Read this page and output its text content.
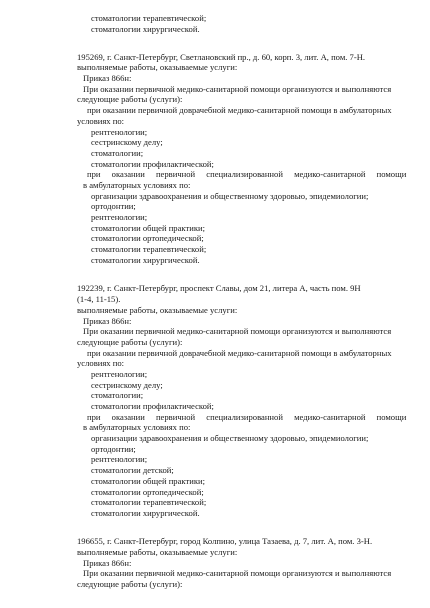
стоматологии терапевтической;
стоматологии хирургической.
195269, г. Санкт-Петербург, Светлановский пр., д. 60, корп. 3, лит. А, пом. 7-Н.
выполняемые работы, оказываемые услуги:
Приказ 866н:
При оказании первичной медико-санитарной помощи организуются и выполняются
следующие работы (услуги):
при оказании первичной доврачебной медико-санитарной помощи в амбулаторных
условиях по:
рентгенологии;
сестринскому делу;
стоматологии;
стоматологии профилактической;
при оказании первичной специализированной медико-санитарной помощи
в амбулаторных условиях по:
организации здравоохранения и общественному здоровью, эпидемиологии;
ортодонтии;
рентгенологии;
стоматологии общей практики;
стоматологии ортопедической;
стоматологии терапевтической;
стоматологии хирургической.
192239, г. Санкт-Петербург, проспект Славы, дом 21, литера А, часть пом. 9Н
(1-4, 11-15).
выполняемые работы, оказываемые услуги:
Приказ 866н:
При оказании первичной медико-санитарной помощи организуются и выполняются
следующие работы (услуги):
при оказании первичной доврачебной медико-санитарной помощи в амбулаторных
условиях по:
рентгенологии;
сестринскому делу;
стоматологии;
стоматологии профилактической;
при оказании первичной специализированной медико-санитарной помощи
в амбулаторных условиях по:
организации здравоохранения и общественному здоровью, эпидемиологии;
ортодонтии;
рентгенологии;
стоматологии детской;
стоматологии общей практики;
стоматологии ортопедической;
стоматологии терапевтической;
стоматологии хирургической.
196655, г. Санкт-Петербург, город Колпино, улица Тазаева, д. 7, лит. А, пом. 3-Н.
выполняемые работы, оказываемые услуги:
Приказ 866н:
При оказании первичной медико-санитарной помощи организуются и выполняются
следующие работы (услуги):
